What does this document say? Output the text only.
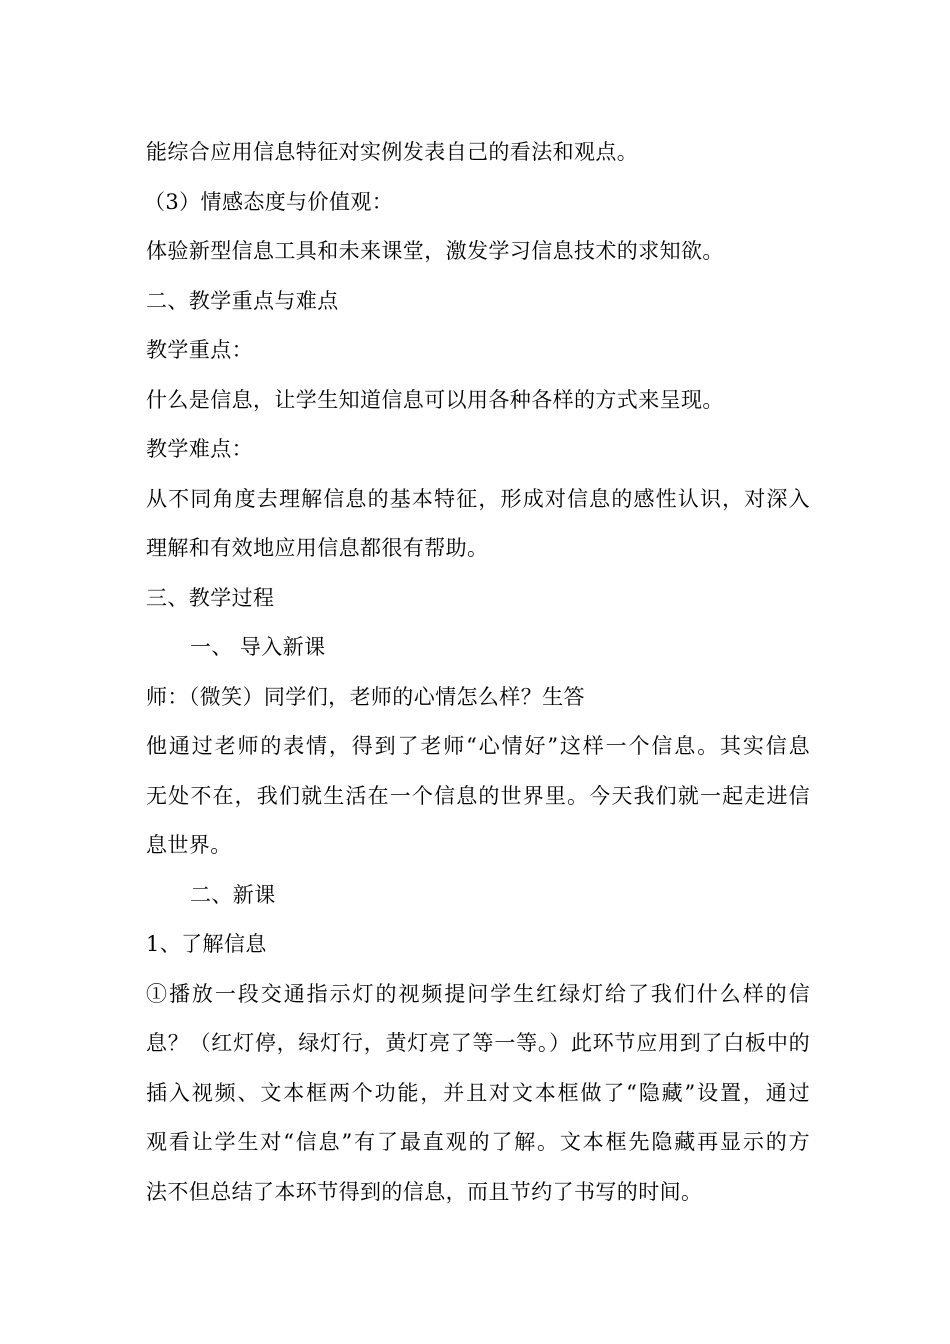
能综合应用信息特征对实例发表自己的看法和观点。
（3）情感态度与价值观：
体验新型信息工具和未来课堂，激发学习信息技术的求知欲。
二、教学重点与难点
教学重点：
什么是信息，让学生知道信息可以用各种各样的方式来呈现。
教学难点：
从不同角度去理解信息的基本特征，形成对信息的感性认识，对深入
理解和有效地应用信息都很有帮助。
三、教学过程
一、 导入新课
师：（微笑）同学们，老师的心情怎么样？生答
他通过老师的表情，得到了老师“心情好”这样一个信息。其实信息
无处不在，我们就生活在一个信息的世界里。今天我们就一起走进信
息世界。
二、新课
1、了解信息
①播放一段交通指示灯的视频提问学生红绿灯给了我们什么样的信
息？（红灯停，绿灯行，黄灯亮了等一等。）此环节应用到了白板中的
插入视频、文本框两个功能，并且对文本框做了“隐藏”设置，通过
观看让学生对“信息”有了最直观的了解。文本框先隐藏再显示的方
法不但总结了本环节得到的信息，而且节约了书写的时间。
